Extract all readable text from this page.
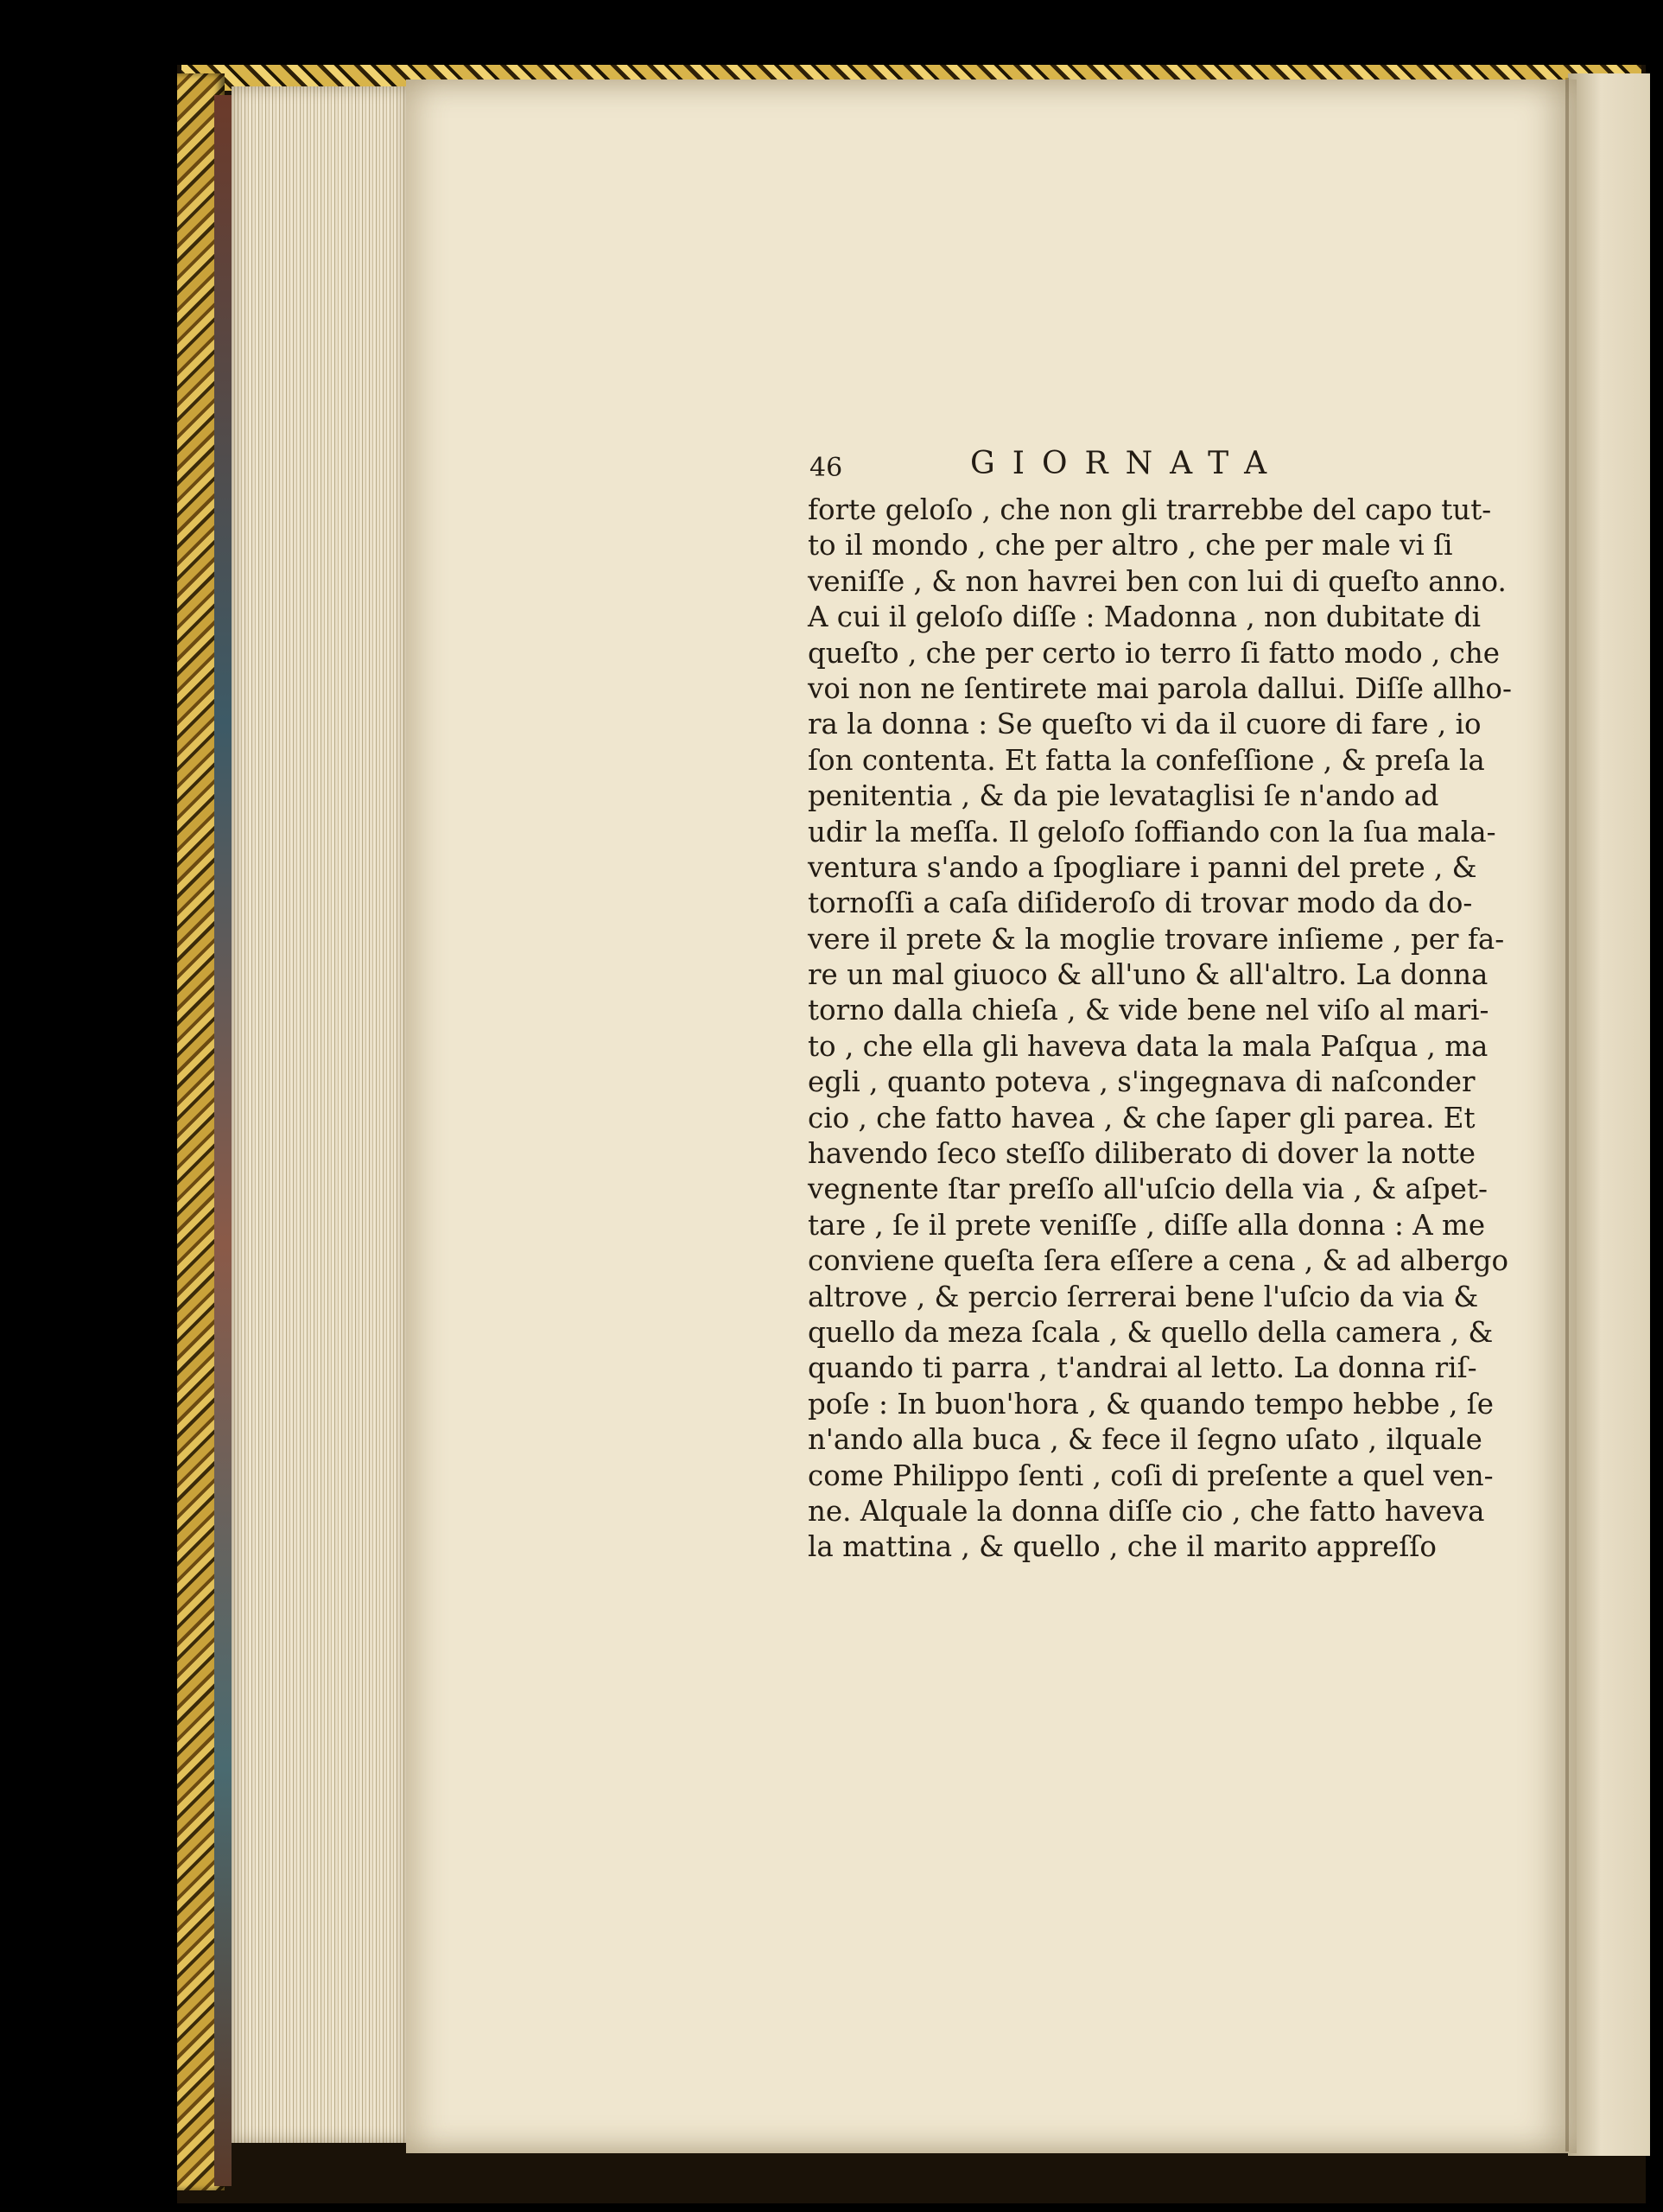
46	GIORNATA
forte geloſo , che non gli trarrebbe del capo tut-
to il mondo , che per altro , che per male vi ſi
veniſſe , & non havrei ben con lui di queſto anno.
A cui il geloſo diſſe : Madonna , non dubitate di
queſto , che per certo io terro ſi fatto modo , che
voi non ne ſentirete mai parola dallui. Diſſe allho-
ra la donna : Se queſto vi da il cuore di fare , io
ſon contenta. Et fatta la confeſſione , & preſa la
penitentia , & da pie levataglisi ſe n'ando ad
udir la meſſa. Il geloſo ſoffiando con la ſua mala-
ventura s'ando a ſpogliare i panni del prete , &
tornoſſi a caſa diſideroſo di trovar modo da do-
vere il prete & la moglie trovare inſieme , per fa-
re un mal giuoco & all'uno & all'altro. La donna
torno dalla chieſa , & vide bene nel viſo al mari-
to , che ella gli haveva data la mala Paſqua , ma
egli , quanto poteva , s'ingegnava di naſconder
cio , che fatto havea , & che ſaper gli parea. Et
havendo ſeco steſſo diliberato di dover la notte
vegnente ſtar preſſo all'uſcio della via , & aſpet-
tare , ſe il prete veniſſe , diſſe alla donna : A me
conviene queſta ſera eſſere a cena , & ad albergo
altrove , & percio ſerrerai bene l'uſcio da via &
quello da meza ſcala , & quello della camera , &
quando ti parra , t'andrai al letto. La donna riſ-
poſe : In buon'hora , & quando tempo hebbe , ſe
n'ando alla buca , & fece il ſegno uſato , ilquale
come Philippo ſenti , coſi di preſente a quel ven-
ne. Alquale la donna diſſe cio , che fatto haveva
la mattina , & quello , che il marito appreſſo
